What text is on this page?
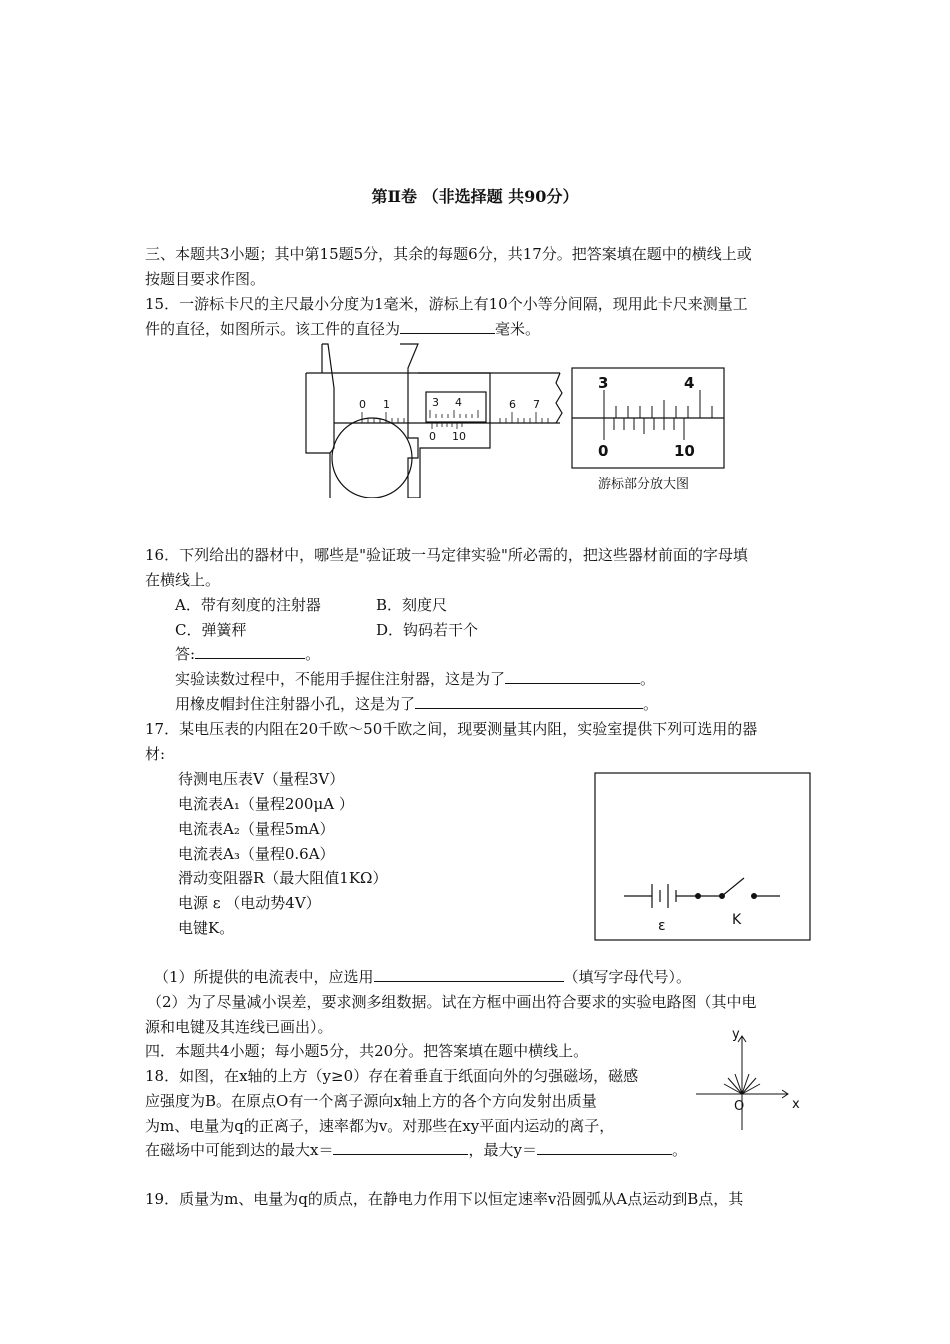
第Ⅱ卷 （非选择题 共90分）
三、本题共3小题；其中第15题5分，其余的每题6分，共17分。把答案填在题中的横线上或
按题目要求作图。
15．一游标卡尺的主尺最小分度为1毫米，游标上有10个小等分间隔，现用此卡尺来测量工
件的直径，如图所示。该工件的直径为	毫米。
0 1	3 4	6 7
0 10
3	4
0	10
游标部分放大图
16．下列给出的器材中，哪些是"验证玻一马定律实验"所必需的，把这些器材前面的字母填
在横线上。
A．带有刻度的注射器	B．刻度尺
C．弹簧秤	D．钩码若干个
答:	。
实验读数过程中，不能用手握住注射器，这是为了	。
用橡皮帽封住注射器小孔，这是为了	。
17．某电压表的内阻在20千欧～50千欧之间，现要测量其内阻，实验室提供下列可选用的器
材:
待测电压表V（量程3V）
电流表A₁（量程200μA ）
电流表A₂（量程5mA）
电流表A₃（量程0.6A）
滑动变阻器R（最大阻值1KΩ）
电源 ε （电动势4V）
电键K。	ε	K
（1）所提供的电流表中，应选用	（填写字母代号）。
（2）为了尽量减小误差，要求测多组数据。试在方框中画出符合要求的实验电路图（其中电
源和电键及其连线已画出）。
四．本题共4小题；每小题5分，共20分。把答案填在题中横线上。
18．如图，在x轴的上方（y≥0）存在着垂直于纸面向外的匀强磁场，磁感
应强度为B。在原点O有一个离子源向x轴上方的各个方向发射出质量
为m、电量为q的正离子，速率都为v。对那些在xy平面内运动的离子，
在磁场中可能到达的最大x＝	，最大y＝	。
y
x
O
19．质量为m、电量为q的质点，在静电力作用下以恒定速率v沿圆弧从A点运动到B点，其
